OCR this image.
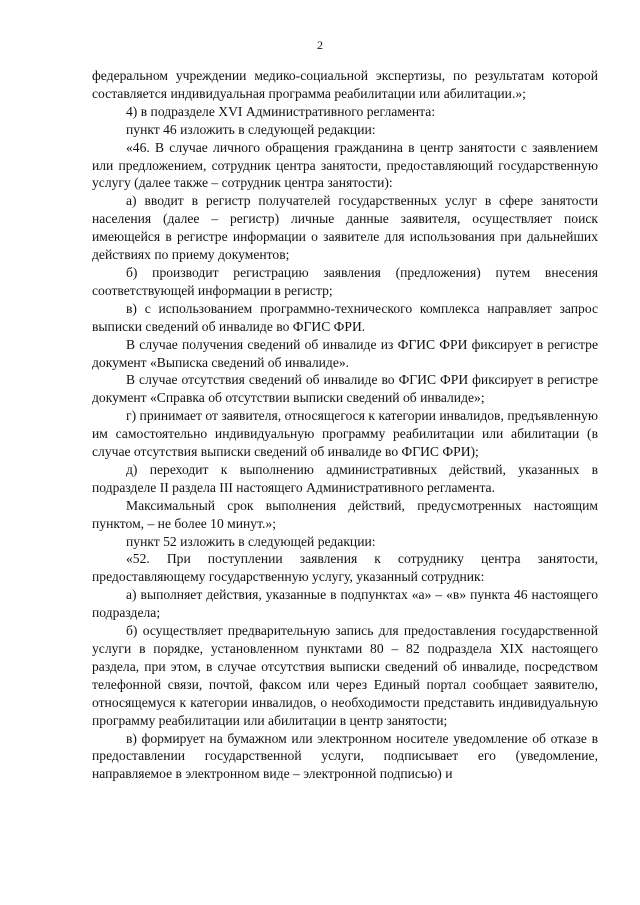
2

федеральном учреждении медико-социальной экспертизы, по результатам которой составляется индивидуальная программа реабилитации или абилитации.»;

4) в подразделе XVI Административного регламента:

пункт 46 изложить в следующей редакции:

«46. В случае личного обращения гражданина в центр занятости с заявлением или предложением, сотрудник центра занятости, предоставляющий государственную услугу (далее также – сотрудник центра занятости):

а) вводит в регистр получателей государственных услуг в сфере занятости населения (далее – регистр) личные данные заявителя, осуществляет поиск имеющейся в регистре информации о заявителе для использования при дальнейших действиях по приему документов;

б) производит регистрацию заявления (предложения) путем внесения соответствующей информации в регистр;

в) с использованием программно-технического комплекса направляет запрос выписки сведений об инвалиде во ФГИС ФРИ.

В случае получения сведений об инвалиде из ФГИС ФРИ фиксирует в регистре документ «Выписка сведений об инвалиде».

В случае отсутствия сведений об инвалиде во ФГИС ФРИ фиксирует в регистре документ «Справка об отсутствии выписки сведений об инвалиде»;

г) принимает от заявителя, относящегося к категории инвалидов, предъявленную им самостоятельно индивидуальную программу реабилитации или абилитации (в случае отсутствия выписки сведений об инвалиде во ФГИС ФРИ);

д) переходит к выполнению административных действий, указанных в подразделе II раздела III настоящего Административного регламента.

Максимальный срок выполнения действий, предусмотренных настоящим пунктом, – не более 10 минут.»;

пункт 52 изложить в следующей редакции:

«52. При поступлении заявления к сотруднику центра занятости, предоставляющему государственную услугу, указанный сотрудник:

а) выполняет действия, указанные в подпунктах «а» – «в» пункта 46 настоящего подраздела;

б) осуществляет предварительную запись для предоставления государственной услуги в порядке, установленном пунктами 80 – 82 подраздела XIX настоящего раздела, при этом, в случае отсутствия выписки сведений об инвалиде, посредством телефонной связи, почтой, факсом или через Единый портал сообщает заявителю, относящемуся к категории инвалидов, о необходимости представить индивидуальную программу реабилитации или абилитации в центр занятости;

в) формирует на бумажном или электронном носителе уведомление об отказе в предоставлении государственной услуги, подписывает его (уведомление, направляемое в электронном виде – электронной подписью) и
